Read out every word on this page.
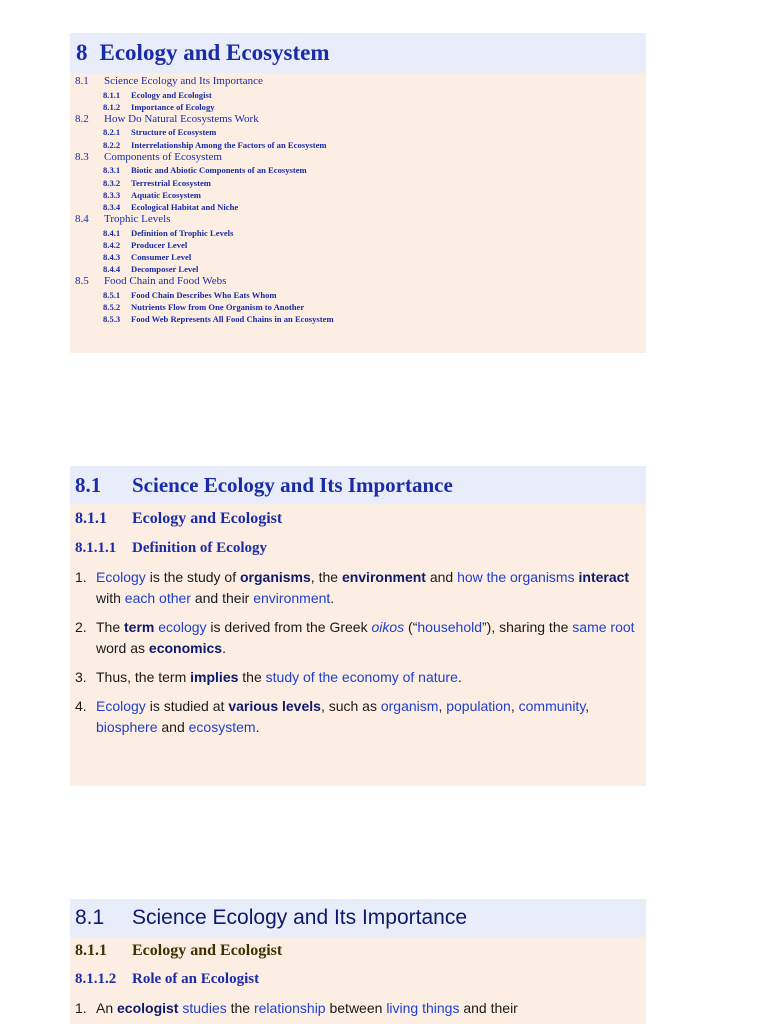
8 Ecology and Ecosystem
8.1	Science Ecology and Its Importance
8.1.1	Ecology and Ecologist
8.1.2	Importance of Ecology
8.2	How Do Natural Ecosystems Work
8.2.1	Structure of Ecosystem
8.2.2	Interrelationship Among the Factors of an Ecosystem
8.3	Components of Ecosystem
8.3.1	Biotic and Abiotic Components of an Ecosystem
8.3.2	Terrestrial Ecosystem
8.3.3	Aquatic Ecosystem
8.3.4	Ecological Habitat and Niche
8.4	Trophic Levels
8.4.1	Definition of Trophic Levels
8.4.2	Producer Level
8.4.3	Consumer Level
8.4.4	Decomposer Level
8.5	Food Chain and Food Webs
8.5.1	Food Chain Describes Who Eats Whom
8.5.2	Nutrients Flow from One Organism to Another
8.5.3	Food Web Represents All Food Chains in an Ecosystem
8.1	Science Ecology and Its Importance
8.1.1	Ecology and Ecologist
8.1.1.1	Definition of Ecology
1. Ecology is the study of organisms, the environment and how the organisms interact with each other and their environment.
2. The term ecology is derived from the Greek oikos (“household”), sharing the same root word as economics.
3. Thus, the term implies the study of the economy of nature.
4. Ecology is studied at various levels, such as organism, population, community, biosphere and ecosystem.
8.1	Science Ecology and Its Importance
8.1.1	Ecology and Ecologist
8.1.1.2	Role of an Ecologist
1. An ecologist studies the relationship between living things and their
